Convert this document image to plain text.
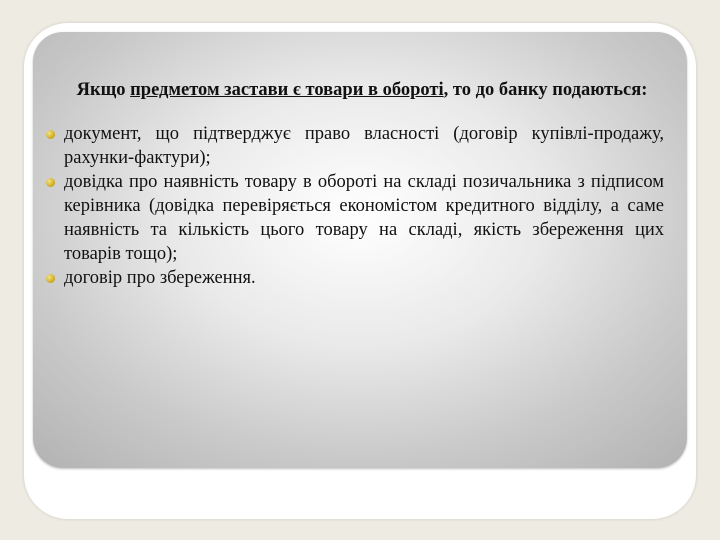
Якщо предметом застави є товари в обороті, то до банку подаються:

документ, що підтверджує право власності (договір купівлі-продажу, рахунки-фактури);
довідка про наявність товару в обороті на складі позичальника з підписом керівника (довідка перевіряється економістом кредитного відділу, а саме наявність та кількість цього товару на складі, якість збереження цих товарів тощо);
договір про збереження.
